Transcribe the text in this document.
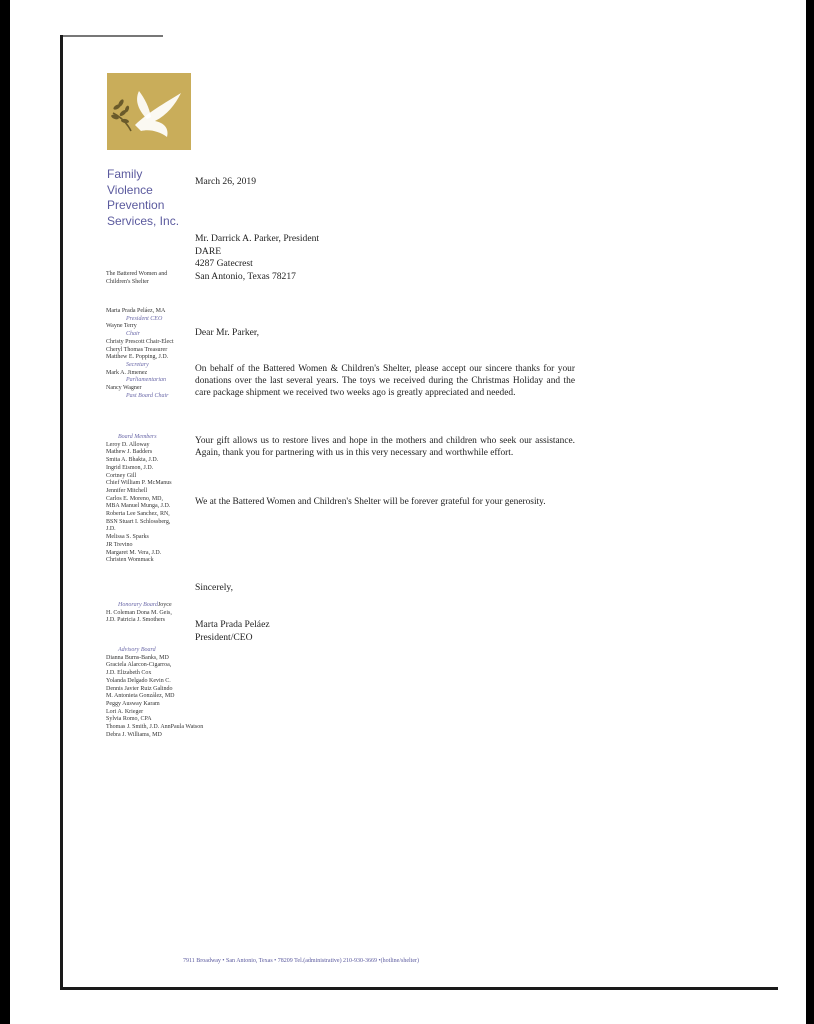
Family
Violence
Prevention
Services, Inc.
The Battered Women and
Children's Shelter
Marta Prada Peláez, MA
President CEO
Wayne Terry
Chair
Christy Prescott Chair-Elect
Cheryl Thomas Treasurer
Matthew E. Popping, J.D.
Secretary
Mark A. Jimenez
Parliamentarian
Nancy Wagner
Past Board Chair
Board Members
Leroy D. Alloway
Mathew J. Badders
Smita A. Bhakta, J.D.
Ingrid Eismon, J.D.
Cortney Gill
Chief William P. McManus
Jennifer Mitchell
Carlos E. Moreno, MD,
MBA Manuel Munga, J.D.
Roberta Lee Sanchez, RN,
BSN Stuart I. Schlossberg,
J.D.
Melissa S. Sparks
JR Trevino
Margaret M. Vera, J.D.
Christen Wommack
Honorary BoardJoyce
H. Coleman Dona M. Geis,
J.D. Patricia J. Smothers
Advisory Board
Dianna Burns-Banks, MD
Graciela Alarcon-Cigarroa,
J.D. Elizabeth Cox
Yolanda Delgado Kevin C.
Dennis Javier Ruiz Galindo
M. Antonieta González, MD
Peggy Ausway Karam
Lori A. Krieger
Sylvia Romo, CPA
Thomas J. Smith, J.D. AnnPaula Watson
Debra J. Williams, MD
March 26, 2019
Mr. Darrick A. Parker, President
DARE
4287 Gatecrest
San Antonio, Texas 78217
Dear Mr. Parker,
On behalf of the Battered Women & Children's Shelter, please accept our sincere thanks for your donations over the last several years. The toys we received during the Christmas Holiday and the care package shipment we received two weeks ago is greatly appreciated and needed.
Your gift allows us to restore lives and hope in the mothers and children who seek our assistance. Again, thank you for partnering with us in this very necessary and worthwhile effort.
We at the Battered Women and Children's Shelter will be forever grateful for your generosity.
Sincerely,
Marta Prada Peláez
President/CEO
7911 Broadway • San Antonio, Texas • 78209 Tel.(administrative) 210-930-3669 •(hotline/shelter)
